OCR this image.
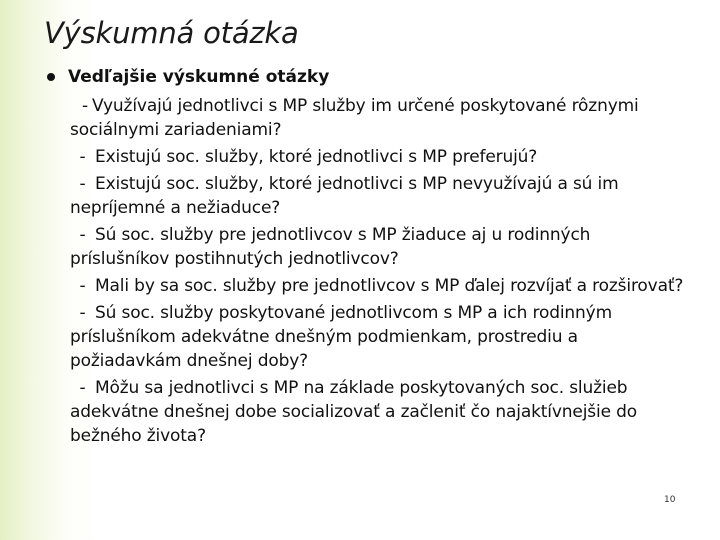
Výskumná otázka
Vedľajšie výskumné otázky
- Využívajú jednotlivci s MP služby im určené poskytované rôznymi sociálnymi zariadeniami?
- Existujú soc. služby, ktoré jednotlivci s MP preferujú?
- Existujú soc. služby, ktoré jednotlivci s MP nevyužívajú a sú im nepríjemné a nežiaduce?
- Sú soc. služby pre jednotlivcov s MP žiaduce aj u rodinných príslušníkov postihnutých jednotlivcov?
- Mali by sa soc. služby pre jednotlivcov s MP ďalej rozvíjať a rozširovať?
- Sú soc. služby poskytované jednotlivcom s MP a ich rodinným príslušníkom adekvátne dnešným podmienkam, prostrediu a požiadavkám dnešnej doby?
- Môžu sa jednotlivci s MP na základe poskytovaných soc. služieb adekvátne dnešnej dobe socializovať a začleniť čo najaktívnejšie do bežného života?
10
